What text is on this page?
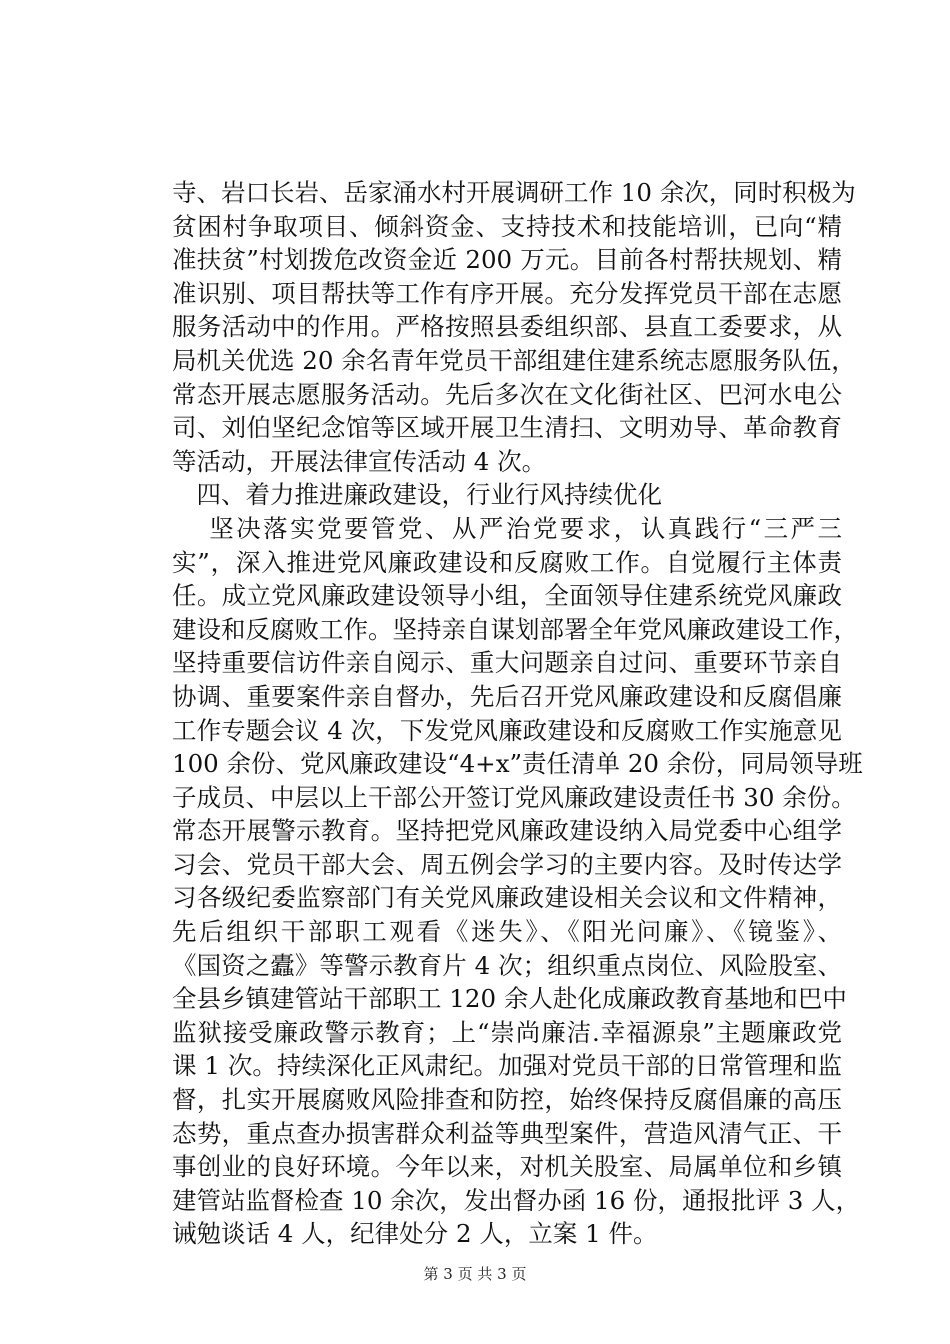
寺、岩口长岩、岳家涌水村开展调研工作 10 余次，同时积极为
贫困村争取项目、倾斜资金、支持技术和技能培训，已向“精
准扶贫”村划拨危改资金近 200 万元。目前各村帮扶规划、精
准识别、项目帮扶等工作有序开展。充分发挥党员干部在志愿
服务活动中的作用。严格按照县委组织部、县直工委要求，从
局机关优选 20 余名青年党员干部组建住建系统志愿服务队伍，
常态开展志愿服务活动。先后多次在文化街社区、巴河水电公
司、刘伯坚纪念馆等区域开展卫生清扫、文明劝导、革命教育
等活动，开展法律宣传活动 4 次。
　四、着力推进廉政建设，行业行风持续优化
　 坚决落实党要管党、从严治党要求，认真践行“三严三
实”，深入推进党风廉政建设和反腐败工作。自觉履行主体责
任。成立党风廉政建设领导小组，全面领导住建系统党风廉政
建设和反腐败工作。坚持亲自谋划部署全年党风廉政建设工作，
坚持重要信访件亲自阅示、重大问题亲自过问、重要环节亲自
协调、重要案件亲自督办，先后召开党风廉政建设和反腐倡廉
工作专题会议 4 次，下发党风廉政建设和反腐败工作实施意见
100 余份、党风廉政建设“4+x”责任清单 20 余份，同局领导班
子成员、中层以上干部公开签订党风廉政建设责任书 30 余份。
常态开展警示教育。坚持把党风廉政建设纳入局党委中心组学
习会、党员干部大会、周五例会学习的主要内容。及时传达学
习各级纪委监察部门有关党风廉政建设相关会议和文件精神，
先后组织干部职工观看《迷失》、《阳光问廉》、《镜鉴》、
《国资之蠹》等警示教育片 4 次；组织重点岗位、风险股室、
全县乡镇建管站干部职工 120 余人赴化成廉政教育基地和巴中
监狱接受廉政警示教育；上“崇尚廉洁.幸福源泉”主题廉政党
课 1 次。持续深化正风肃纪。加强对党员干部的日常管理和监
督，扎实开展腐败风险排查和防控，始终保持反腐倡廉的高压
态势，重点查办损害群众利益等典型案件，营造风清气正、干
事创业的良好环境。今年以来，对机关股室、局属单位和乡镇
建管站监督检查 10 余次，发出督办函 16 份，通报批评 3 人，
诫勉谈话 4 人，纪律处分 2 人，立案 1 件。
第 3 页 共 3 页
